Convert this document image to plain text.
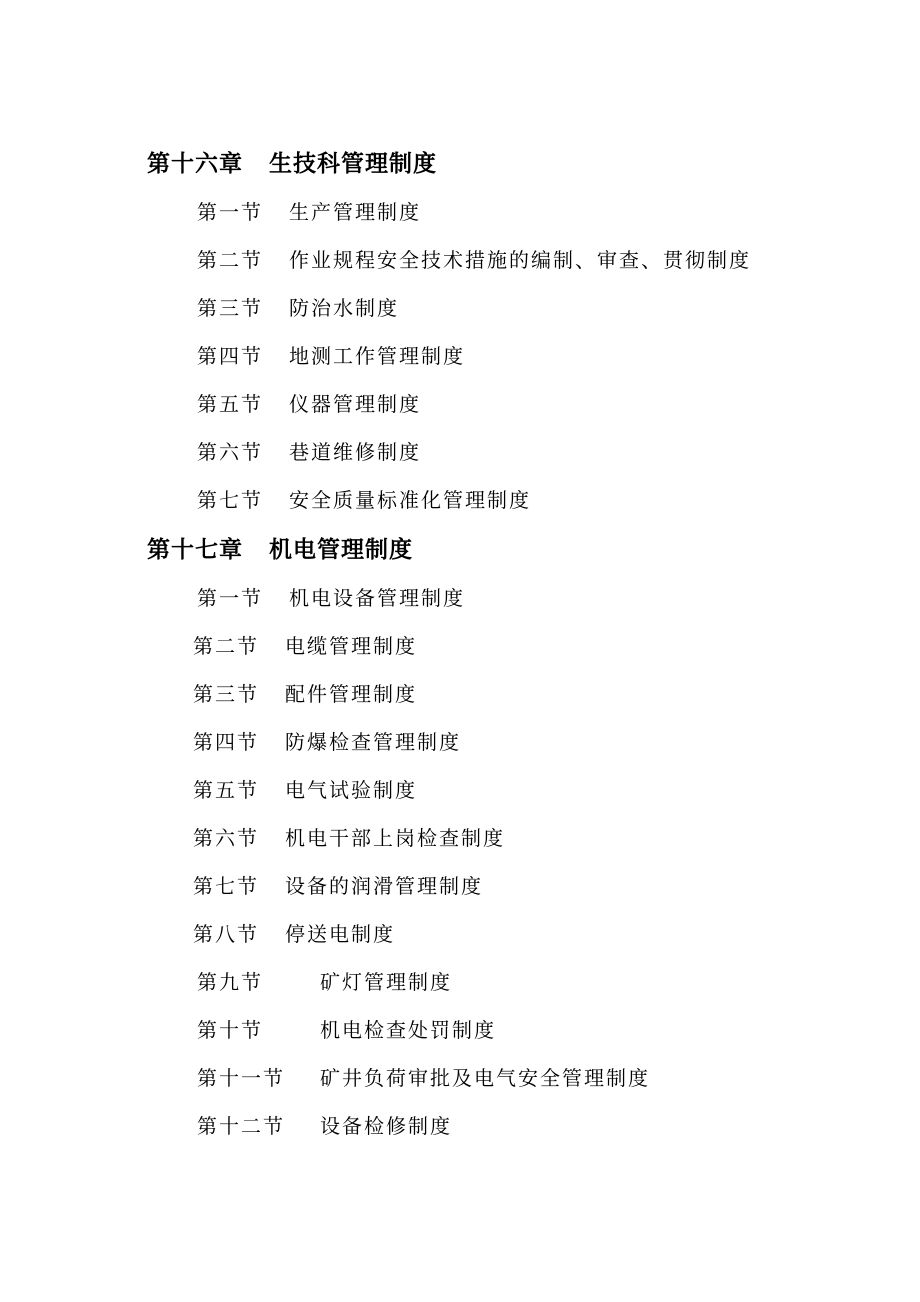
第十六章 生技科管理制度
第一节 生产管理制度
第二节 作业规程安全技术措施的编制、审查、贯彻制度
第三节 防治水制度
第四节 地测工作管理制度
第五节 仪器管理制度
第六节 巷道维修制度
第七节 安全质量标准化管理制度
第十七章 机电管理制度
第一节 机电设备管理制度
第二节 电缆管理制度
第三节 配件管理制度
第四节 防爆检查管理制度
第五节 电气试验制度
第六节 机电干部上岗检查制度
第七节 设备的润滑管理制度
第八节 停送电制度
第九节	矿灯管理制度
第十节	机电检查处罚制度
第十一节 矿井负荷审批及电气安全管理制度
第十二节 设备检修制度
